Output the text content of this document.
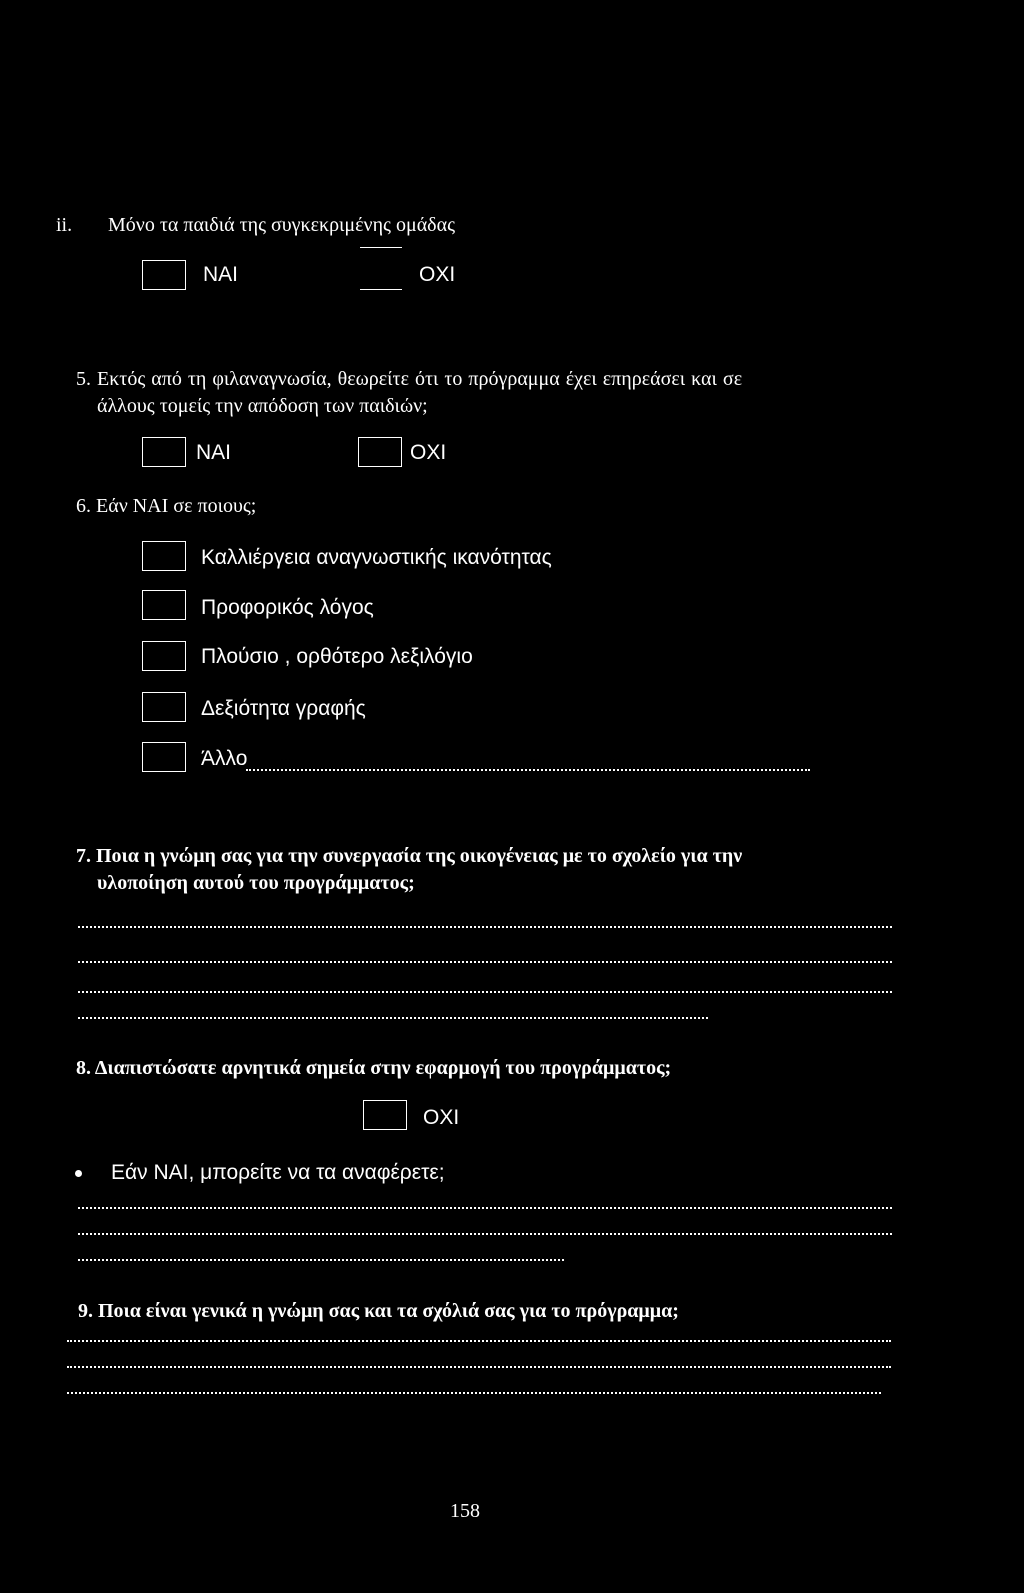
ii. Μόνο τα παιδιά της συγκεκριμένης ομάδας
ΝΑΙ	ΟΧΙ
5. Εκτός από τη φιλαναγνωσία, θεωρείτε ότι το πρόγραμμα έχει επηρεάσει και σε
άλλους τομείς την απόδοση των παιδιών;
ΝΑΙ	ΟΧΙ
6. Εάν ΝΑΙ σε ποιους;
Καλλιέργεια αναγνωστικής ικανότητας
Προφορικός λόγος
Πλούσιο , ορθότερο λεξιλόγιο
Δεξιότητα γραφής
Άλλο
7. Ποια η γνώμη σας για την συνεργασία της οικογένειας με το σχολείο για την
υλοποίηση αυτού του προγράμματος;
8. Διαπιστώσατε αρνητικά σημεία στην εφαρμογή του προγράμματος;
ΟΧΙ
Εάν ΝΑΙ, μπορείτε να τα αναφέρετε;
9. Ποια είναι γενικά η γνώμη σας και τα σχόλιά σας για το πρόγραμμα;
158
